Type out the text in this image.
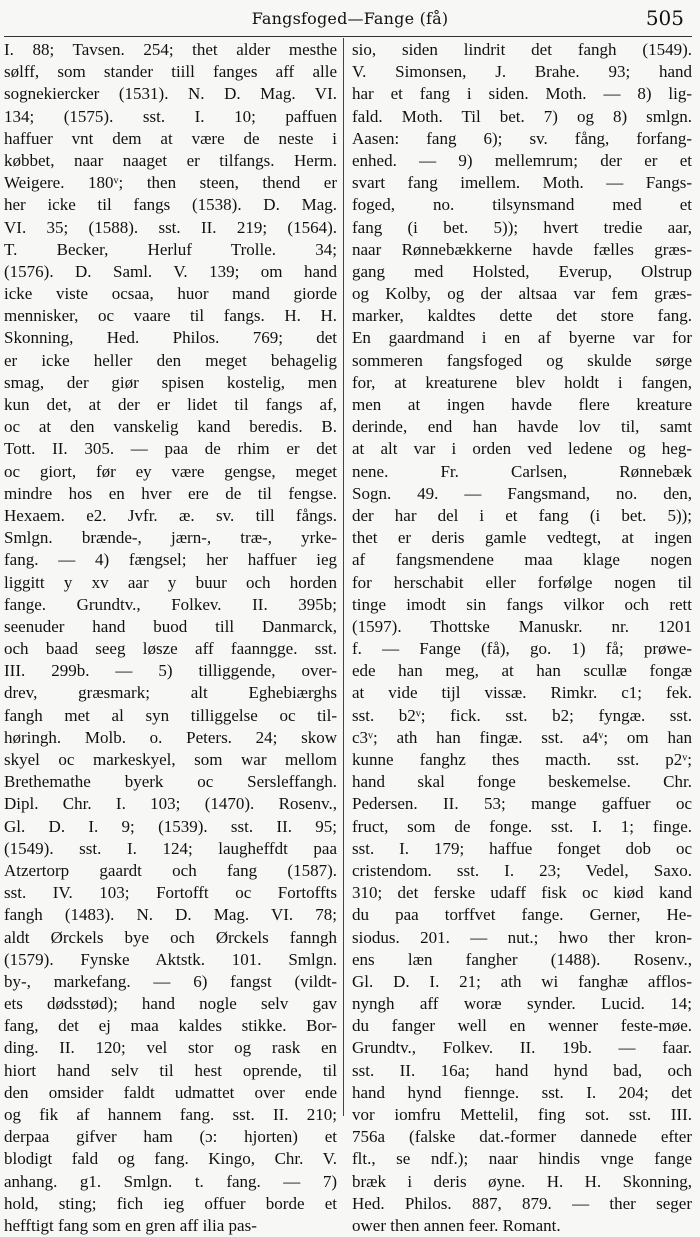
Fangsfoged—Fange (få)	505
I. 88; Tavsen. 254; thet alder mesthe
sølff, som stander tiill fanges aff alle
sognekiercker (1531). N. D. Mag. VI.
134; (1575). sst. I. 10; paffuen
haffuer vnt dem at være de neste i
købbet, naar naaget er tilfangs. Herm.
Weigere. 180ᵛ; then steen, thend er
her icke til fangs (1538). D. Mag.
VI. 35; (1588). sst. II. 219; (1564).
T. Becker, Herluf Trolle. 34;
(1576). D. Saml. V. 139; om hand
icke viste ocsaa, huor mand giorde
mennisker, oc vaare til fangs. H. H.
Skonning, Hed. Philos. 769; det
er icke heller den meget behagelig
smag, der giør spisen kostelig, men
kun det, at der er lidet til fangs af,
oc at den vanskelig kand beredis. B.
Tott. II. 305. — paa de rhim er det
oc giort, før ey være gengse, meget
mindre hos en hver ere de til fengse.
Hexaem. e2. Jvfr. æ. sv. till fångs.
Smlgn. brænde-, jærn-, træ-, yrke-
fang. — 4) fængsel; her haffuer ieg
liggitt y xv aar y buur och horden
fange. Grundtv., Folkev. II. 395b;
seenuder hand buod till Danmarck,
och baad seeg løsze aff faanngge. sst.
III. 299b. — 5) tilliggende, over-
drev, græsmark; alt Eghebiærghs
fangh met al syn tilliggelse oc til-
høringh. Molb. o. Peters. 24; skow
skyel oc markeskyel, som war mellom
Brethemathe byerk oc Sersleffangh.
Dipl. Chr. I. 103; (1470). Rosenv.,
Gl. D. I. 9; (1539). sst. II. 95;
(1549). sst. I. 124; laugheffdt paa
Atzertorp gaardt och fang (1587).
sst. IV. 103; Fortofft oc Fortoffts
fangh (1483). N. D. Mag. VI. 78;
aldt Ørckels bye och Ørckels fanngh
(1579). Fynske Aktstk. 101. Smlgn.
by-, markefang. — 6) fangst (vildt-
ets dødsstød); hand nogle selv gav
fang, det ej maa kaldes stikke. Bor-
ding. II. 120; vel stor og rask en
hiort hand selv til hest oprende, til
den omsider faldt udmattet over ende
og fik af hannem fang. sst. II. 210;
derpaa gifver ham (ɔ: hjorten) et
blodigt fald og fang. Kingo, Chr. V.
anhang. g1. Smlgn. t. fang. — 7)
hold, sting; fich ieg offuer borde et
hefftigt fang som en gren aff ilia pas-
sio, siden lindrit det fangh (1549).
V. Simonsen, J. Brahe. 93; hand
har et fang i siden. Moth. — 8) lig-
fald. Moth. Til bet. 7) og 8) smlgn.
Aasen: fang 6); sv. fång, forfang-
enhed. — 9) mellemrum; der er et
svart fang imellem. Moth. — Fangs-
foged, no. tilsynsmand med et
fang (i bet. 5)); hvert tredie aar,
naar Rønnebækkerne havde fælles græs-
gang med Holsted, Everup, Olstrup
og Kolby, og der altsaa var fem græs-
marker, kaldtes dette det store fang.
En gaardmand i en af byerne var for
sommeren fangsfoged og skulde sørge
for, at kreaturene blev holdt i fangen,
men at ingen havde flere kreature
derinde, end han havde lov til, samt
at alt var i orden ved ledene og heg-
nene. Fr. Carlsen, Rønnebæk
Sogn. 49. — Fangsmand, no. den,
der har del i et fang (i bet. 5));
thet er deris gamle vedtegt, at ingen
af fangsmendene maa klage nogen
for herschabit eller forfølge nogen til
tinge imodt sin fangs vilkor och rett
(1597). Thottske Manuskr. nr. 1201
f. — Fange (få), go. 1) få; prøwe-
ede han meg, at han scullæ fongæ
at vide tijl vissæ. Rimkr. c1; fek.
sst. b2ᵛ; fick. sst. b2; fyngæ. sst.
c3ᵛ; ath han fingæ. sst. a4ᵛ; om han
kunne fanghz thes macth. sst. p2ᵛ;
hand skal fonge beskemelse. Chr.
Pedersen. II. 53; mange gaffuer oc
fruct, som de fonge. sst. I. 1; finge.
sst. I. 179; haffue fonget dob oc
cristendom. sst. I. 23; Vedel, Saxo.
310; det ferske udaff fisk oc kiød kand
du paa torffvet fange. Gerner, He-
siodus. 201. — nut.; hwo ther kron-
ens læn fangher (1488). Rosenv.,
Gl. D. I. 21; ath wi fanghæ afflos-
nyngh aff woræ synder. Lucid. 14;
du fanger well en wenner feste-møe.
Grundtv., Folkev. II. 19b. — faar.
sst. II. 16a; hand hynd bad, och
hand hynd fiennge. sst. I. 204; det
vor iomfru Mettelil, fing sot. sst. III.
756a (falske dat.-former dannede efter
flt., se ndf.); naar hindis vnge fange
bræk i deris øyne. H. H. Skonning,
Hed. Philos. 887, 879. — ther seger
ower then annen feer. Romant.
